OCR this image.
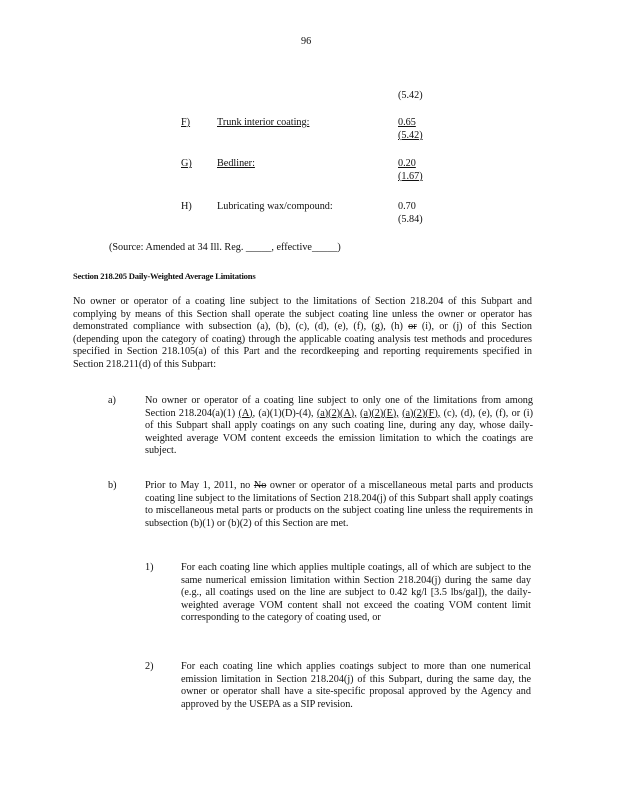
96
(5.42)
F)	Trunk interior coating:	0.65
(5.42)
G) Bedliner:	0.20
(1.67)
H) Lubricating wax/compound:	0.70
(5.84)
(Source: Amended at 34 Ill. Reg. _____, effective_____)
Section 218.205 Daily-Weighted Average Limitations
No owner or operator of a coating line subject to the limitations of Section 218.204 of this Subpart and complying by means of this Section shall operate the subject coating line unless the owner or operator has demonstrated compliance with subsection (a), (b), (c), (d), (e), (f), (g), (h) or (i), or (j) of this Section (depending upon the category of coating) through the applicable coating analysis test methods and procedures specified in Section 218.105(a) of this Part and the recordkeeping and reporting requirements specified in Section 218.211(d) of this Subpart:
a)	No owner or operator of a coating line subject to only one of the limitations from among Section 218.204(a)(1) (A), (a)(1)(D)-(4), (a)(2)(A), (a)(2)(E), (a)(2)(F), (c), (d), (e), (f), or (i) of this Subpart shall apply coatings on any such coating line, during any day, whose daily-weighted average VOM content exceeds the emission limitation to which the coatings are subject.
b)	Prior to May 1, 2011, no No owner or operator of a miscellaneous metal parts and products coating line subject to the limitations of Section 218.204(j) of this Subpart shall apply coatings to miscellaneous metal parts or products on the subject coating line unless the requirements in subsection (b)(1) or (b)(2) of this Section are met.
1)	For each coating line which applies multiple coatings, all of which are subject to the same numerical emission limitation within Section 218.204(j) during the same day (e.g., all coatings used on the line are subject to 0.42 kg/l [3.5 lbs/gal]), the daily-weighted average VOM content shall not exceed the coating VOM content limit corresponding to the category of coating used, or
2)	For each coating line which applies coatings subject to more than one numerical emission limitation in Section 218.204(j) of this Subpart, during the same day, the owner or operator shall have a site-specific proposal approved by the Agency and approved by the USEPA as a SIP revision.
